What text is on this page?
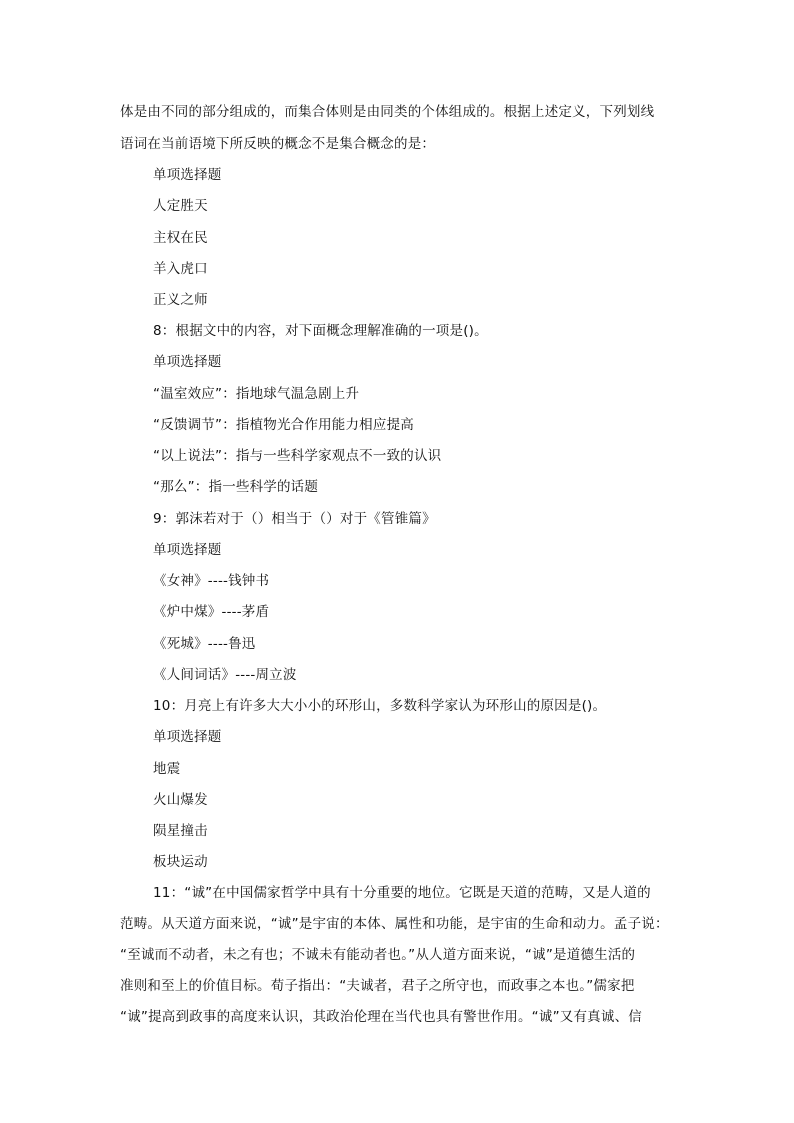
体是由不同的部分组成的，而集合体则是由同类的个体组成的。根据上述定义，下列划线
语词在当前语境下所反映的概念不是集合概念的是：
单项选择题
人定胜天
主权在民
羊入虎口
正义之师
8：根据文中的内容，对下面概念理解准确的一项是()。
单项选择题
“温室效应”：指地球气温急剧上升
“反馈调节”：指植物光合作用能力相应提高
“以上说法”：指与一些科学家观点不一致的认识
“那么”：指一些科学的话题
9：郭沫若对于（）相当于（）对于《管锥篇》
单项选择题
《女神》----钱钟书
《炉中煤》----茅盾
《死城》----鲁迅
《人间词话》----周立波
10：月亮上有许多大大小小的环形山，多数科学家认为环形山的原因是()。
单项选择题
地震
火山爆发
陨星撞击
板块运动
11：“诚”在中国儒家哲学中具有十分重要的地位。它既是天道的范畴，又是人道的
范畴。从天道方面来说，“诚”是宇宙的本体、属性和功能，是宇宙的生命和动力。孟子说：
“至诚而不动者，未之有也；不诚未有能动者也。”从人道方面来说，“诚”是道德生活的
准则和至上的价值目标。荀子指出：“夫诚者，君子之所守也，而政事之本也。”儒家把
“诚”提高到政事的高度来认识，其政治伦理在当代也具有警世作用。“诚”又有真诚、信
